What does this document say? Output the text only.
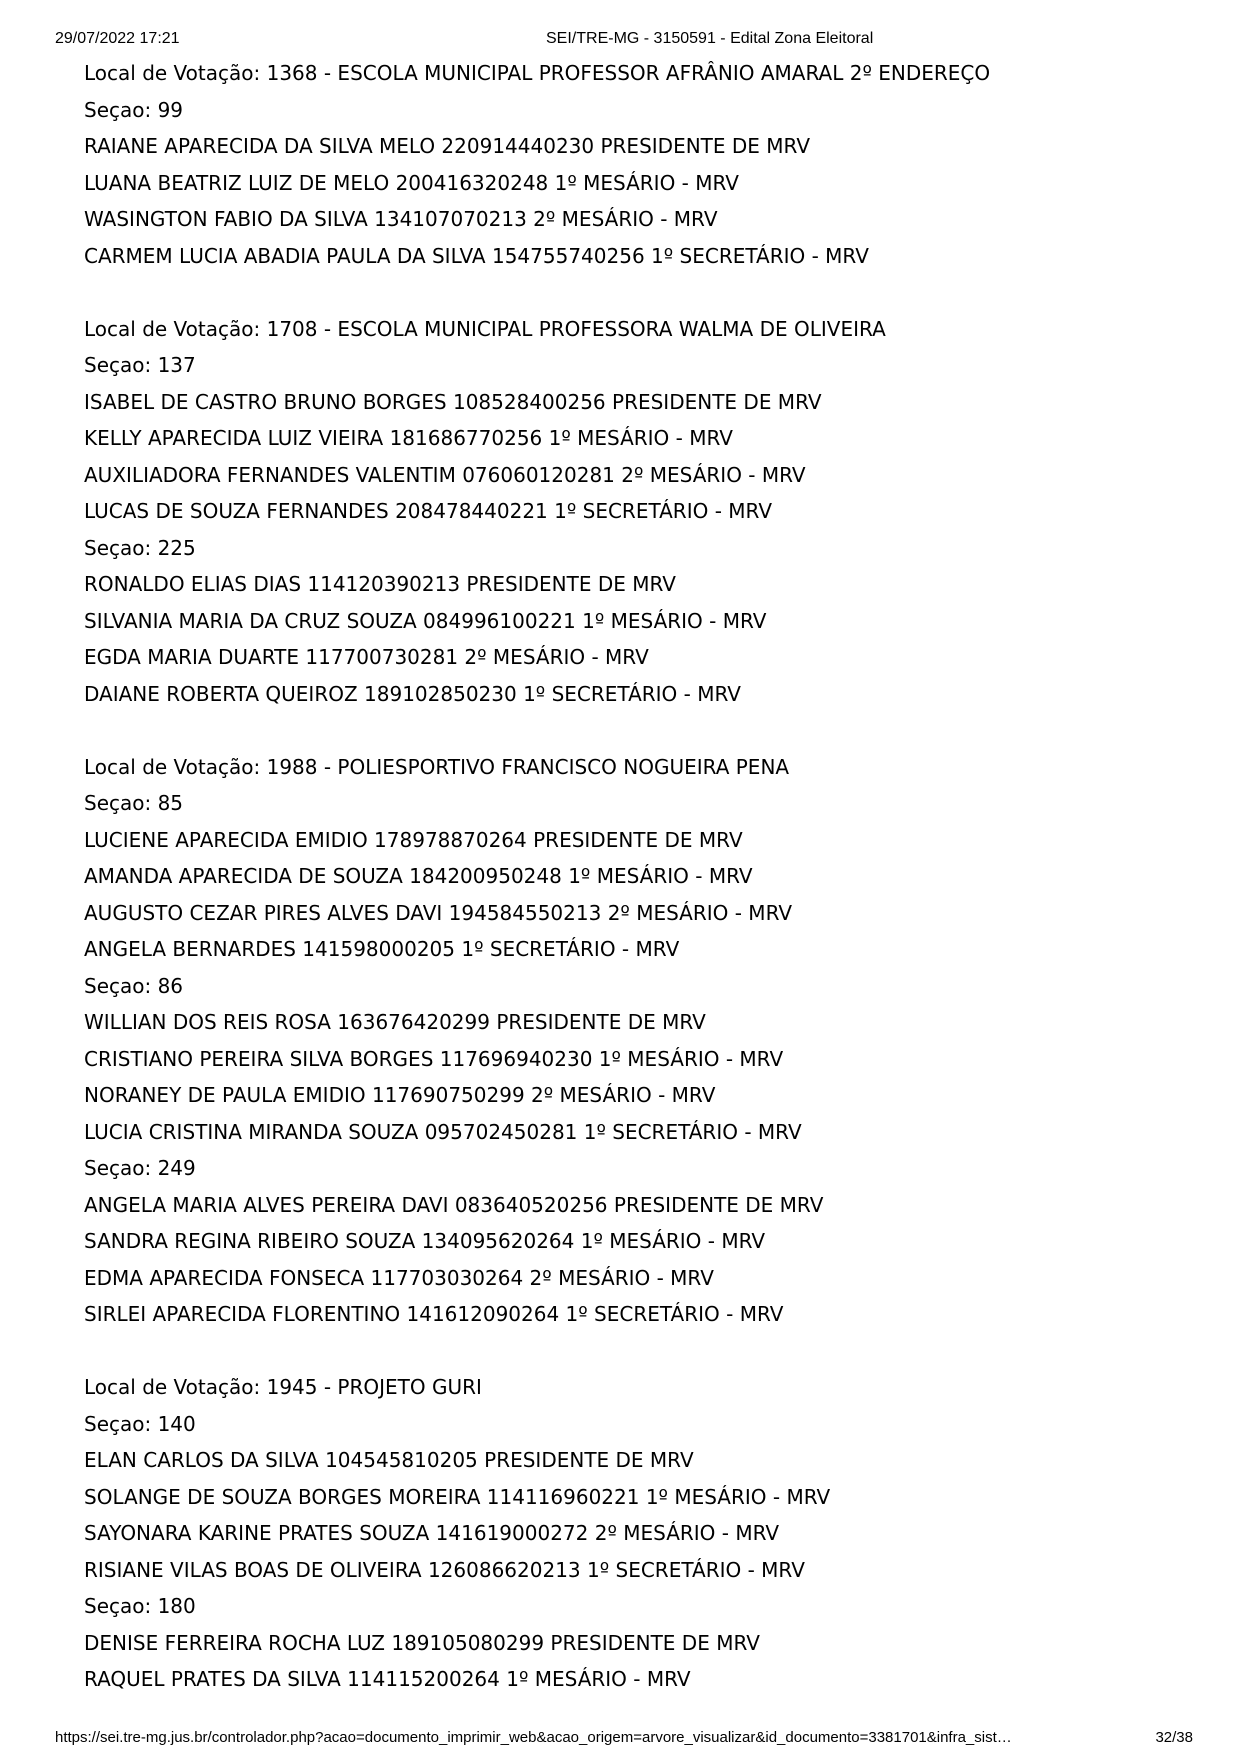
29/07/2022 17:21	SEI/TRE-MG - 3150591 - Edital Zona Eleitoral
Local de Votação: 1368 - ESCOLA MUNICIPAL PROFESSOR AFRÂNIO AMARAL 2º ENDEREÇO
Seçao: 99
RAIANE APARECIDA DA SILVA MELO 220914440230 PRESIDENTE DE MRV
LUANA BEATRIZ LUIZ DE MELO 200416320248 1º MESÁRIO - MRV
WASINGTON FABIO DA SILVA 134107070213 2º MESÁRIO - MRV
CARMEM LUCIA ABADIA PAULA DA SILVA 154755740256 1º SECRETÁRIO - MRV
Local de Votação: 1708 - ESCOLA MUNICIPAL PROFESSORA WALMA DE OLIVEIRA
Seçao: 137
ISABEL DE CASTRO BRUNO BORGES 108528400256 PRESIDENTE DE MRV
KELLY APARECIDA LUIZ VIEIRA 181686770256 1º MESÁRIO - MRV
AUXILIADORA FERNANDES VALENTIM 076060120281 2º MESÁRIO - MRV
LUCAS DE SOUZA FERNANDES 208478440221 1º SECRETÁRIO - MRV
Seçao: 225
RONALDO ELIAS DIAS 114120390213 PRESIDENTE DE MRV
SILVANIA MARIA DA CRUZ SOUZA 084996100221 1º MESÁRIO - MRV
EGDA MARIA DUARTE 117700730281 2º MESÁRIO - MRV
DAIANE ROBERTA QUEIROZ 189102850230 1º SECRETÁRIO - MRV
Local de Votação: 1988 - POLIESPORTIVO FRANCISCO NOGUEIRA PENA
Seçao: 85
LUCIENE APARECIDA EMIDIO 178978870264 PRESIDENTE DE MRV
AMANDA APARECIDA DE SOUZA 184200950248 1º MESÁRIO - MRV
AUGUSTO CEZAR PIRES ALVES DAVI 194584550213 2º MESÁRIO - MRV
ANGELA BERNARDES 141598000205 1º SECRETÁRIO - MRV
Seçao: 86
WILLIAN DOS REIS ROSA 163676420299 PRESIDENTE DE MRV
CRISTIANO PEREIRA SILVA BORGES 117696940230 1º MESÁRIO - MRV
NORANEY DE PAULA EMIDIO 117690750299 2º MESÁRIO - MRV
LUCIA CRISTINA MIRANDA SOUZA 095702450281 1º SECRETÁRIO - MRV
Seçao: 249
ANGELA MARIA ALVES PEREIRA DAVI 083640520256 PRESIDENTE DE MRV
SANDRA REGINA RIBEIRO SOUZA 134095620264 1º MESÁRIO - MRV
EDMA APARECIDA FONSECA 117703030264 2º MESÁRIO - MRV
SIRLEI APARECIDA FLORENTINO 141612090264 1º SECRETÁRIO - MRV
Local de Votação: 1945 - PROJETO GURI
Seçao: 140
ELAN CARLOS DA SILVA 104545810205 PRESIDENTE DE MRV
SOLANGE DE SOUZA BORGES MOREIRA 114116960221 1º MESÁRIO - MRV
SAYONARA KARINE PRATES SOUZA 141619000272 2º MESÁRIO - MRV
RISIANE VILAS BOAS DE OLIVEIRA 126086620213 1º SECRETÁRIO - MRV
Seçao: 180
DENISE FERREIRA ROCHA LUZ 189105080299 PRESIDENTE DE MRV
RAQUEL PRATES DA SILVA 114115200264 1º MESÁRIO - MRV
https://sei.tre-mg.jus.br/controlador.php?acao=documento_imprimir_web&acao_origem=arvore_visualizar&id_documento=3381701&infra_sist…	32/38
